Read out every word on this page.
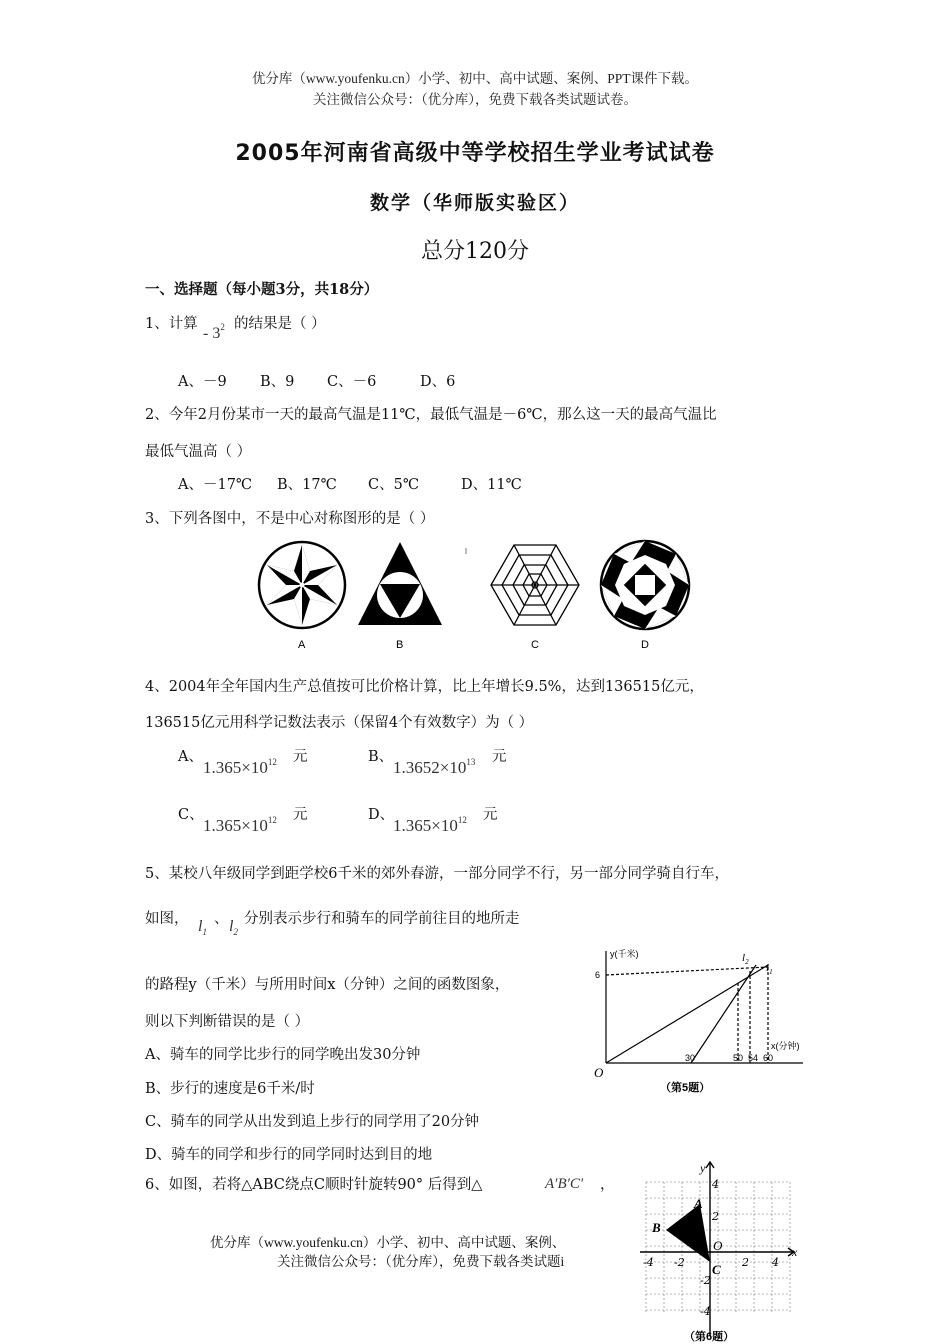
优分库（www.youfenku.cn）小学、初中、高中试题、案例、PPT课件下载。
关注微信公众号：（优分库），免费下载各类试题试卷。
2005年河南省高级中等学校招生学业考试试卷
数学（华师版实验区）
总分120分
一、选择题（每小题3分，共18分）
1、计算
- $3^2$ 的结果是（ ）
A、－9 B、9 C、－6	D、6
2、今年2月份某市一天的最高气温是11℃，最低气温是－6℃，那么这一天的最高气温比
最低气温高（ ）
A、－17℃ B、17℃ C、5℃	D、11℃
3、下列各图中，不是中心对称图形的是（ ）
A	B	C	D
4、2004年全年国内生产总值按可比价格计算，比上年增长9.5%，达到136515亿元，
136515亿元用科学记数法表示（保留4个有效数字）为（ ）
A、
$1.365\times 10^{12}$ 元	B、
$1.3652\times 10^{13}$ 元
C、
$1.365\times 10^{12}$ 元	D、
$1.365\times 10^{12}$ 元
5、某校八年级同学到距学校6千米的郊外春游，一部分同学不行，另一部分同学骑自行车，
如图， $l_1$
、 $l_2$
分别表示步行和骑车的同学前往目的地所走
的路程y（千米）与所用时间x（分钟）之间的函数图象，
则以下判断错误的是（ ）
A、骑车的同学比步行的同学晚出发30分钟
B、步行的速度是6千米/时
C、骑车的同学从出发到追上步行的同学用了20分钟
D、骑车的同学和步行的同学同时达到目的地
y(千米)
x(分钟)
6
30	50 54 60
O
$l_2$ $l_1$
（第5题）
6、如图，若将△ABC绕点C顺时针旋转90° 后得到△	A′B′C′ ，
x
y
4
2
-2
-4
-4 -2	2 4
O
A
B
C
（第6题）
优分库（www.youfenku.cn）小学、初中、高中试题、案例、
关注微信公众号：（优分库），免费下载各类试题i
